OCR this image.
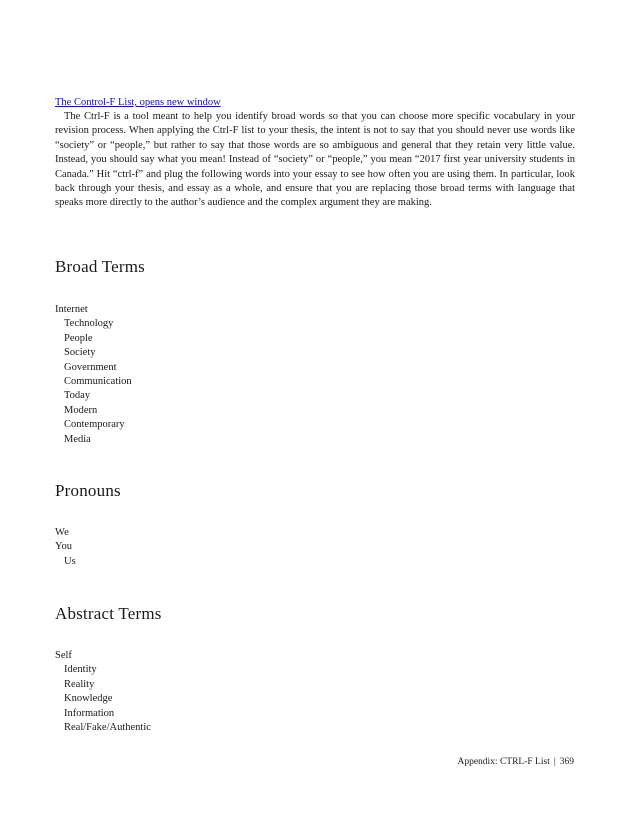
The Control-F List, opens new window

The Ctrl-F is a tool meant to help you identify broad words so that you can choose more specific vocabulary in your revision process. When applying the Ctrl-F list to your thesis, the intent is not to say that you should never use words like “society” or “people,” but rather to say that those words are so ambiguous and general that they retain very little value. Instead, you should say what you mean! Instead of “society” or “people,” you mean “2017 first year university students in Canada.” Hit “ctrl-f” and plug the following words into your essay to see how often you are using them. In particular, look back through your thesis, and essay as a whole, and ensure that you are replacing those broad terms with language that speaks more directly to the author’s audience and the complex argument they are making.

Broad Terms

Internet

Technology

People

Society

Government

Communication

Today

Modern

Contemporary

Media

Pronouns

We

You

Us

Abstract Terms

Self

Identity

Reality

Knowledge

Information

Real/Fake/Authentic

Appendix: CTRL-F List | 369
